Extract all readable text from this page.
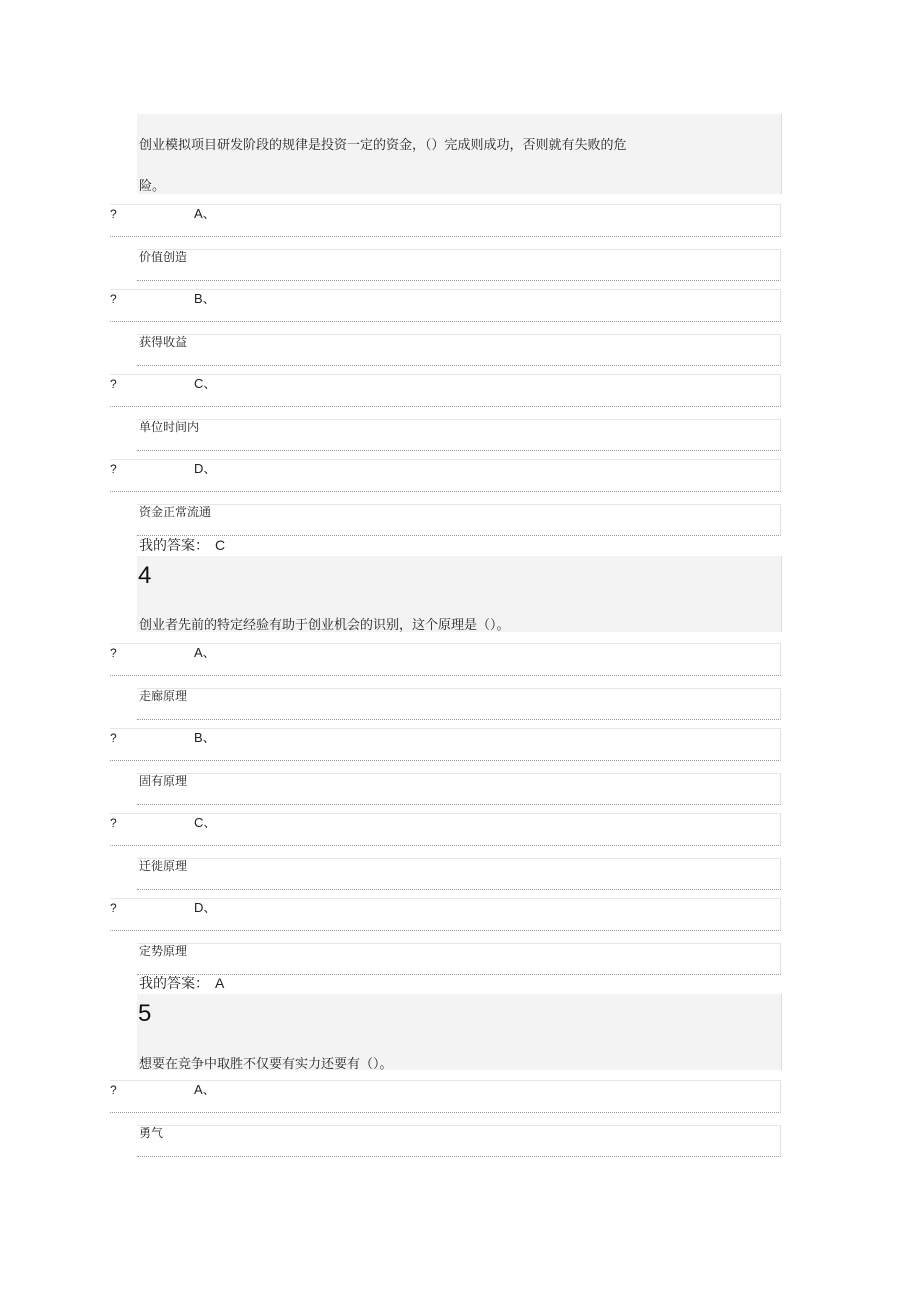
创业模拟项目研发阶段的规律是投资一定的资金，（）完成则成功，否则就有失败的危
险。
?	A、
价值创造
?	B、
获得收益
?	C、
单位时间内
?	D、
资金正常流通
我的答案： C
4
创业者先前的特定经验有助于创业机会的识别，这个原理是（）。
?	A、
走廊原理
?	B、
固有原理
?	C、
迁徙原理
?	D、
定势原理
我的答案： A
5
想要在竞争中取胜不仅要有实力还要有（）。
?	A、
勇气
